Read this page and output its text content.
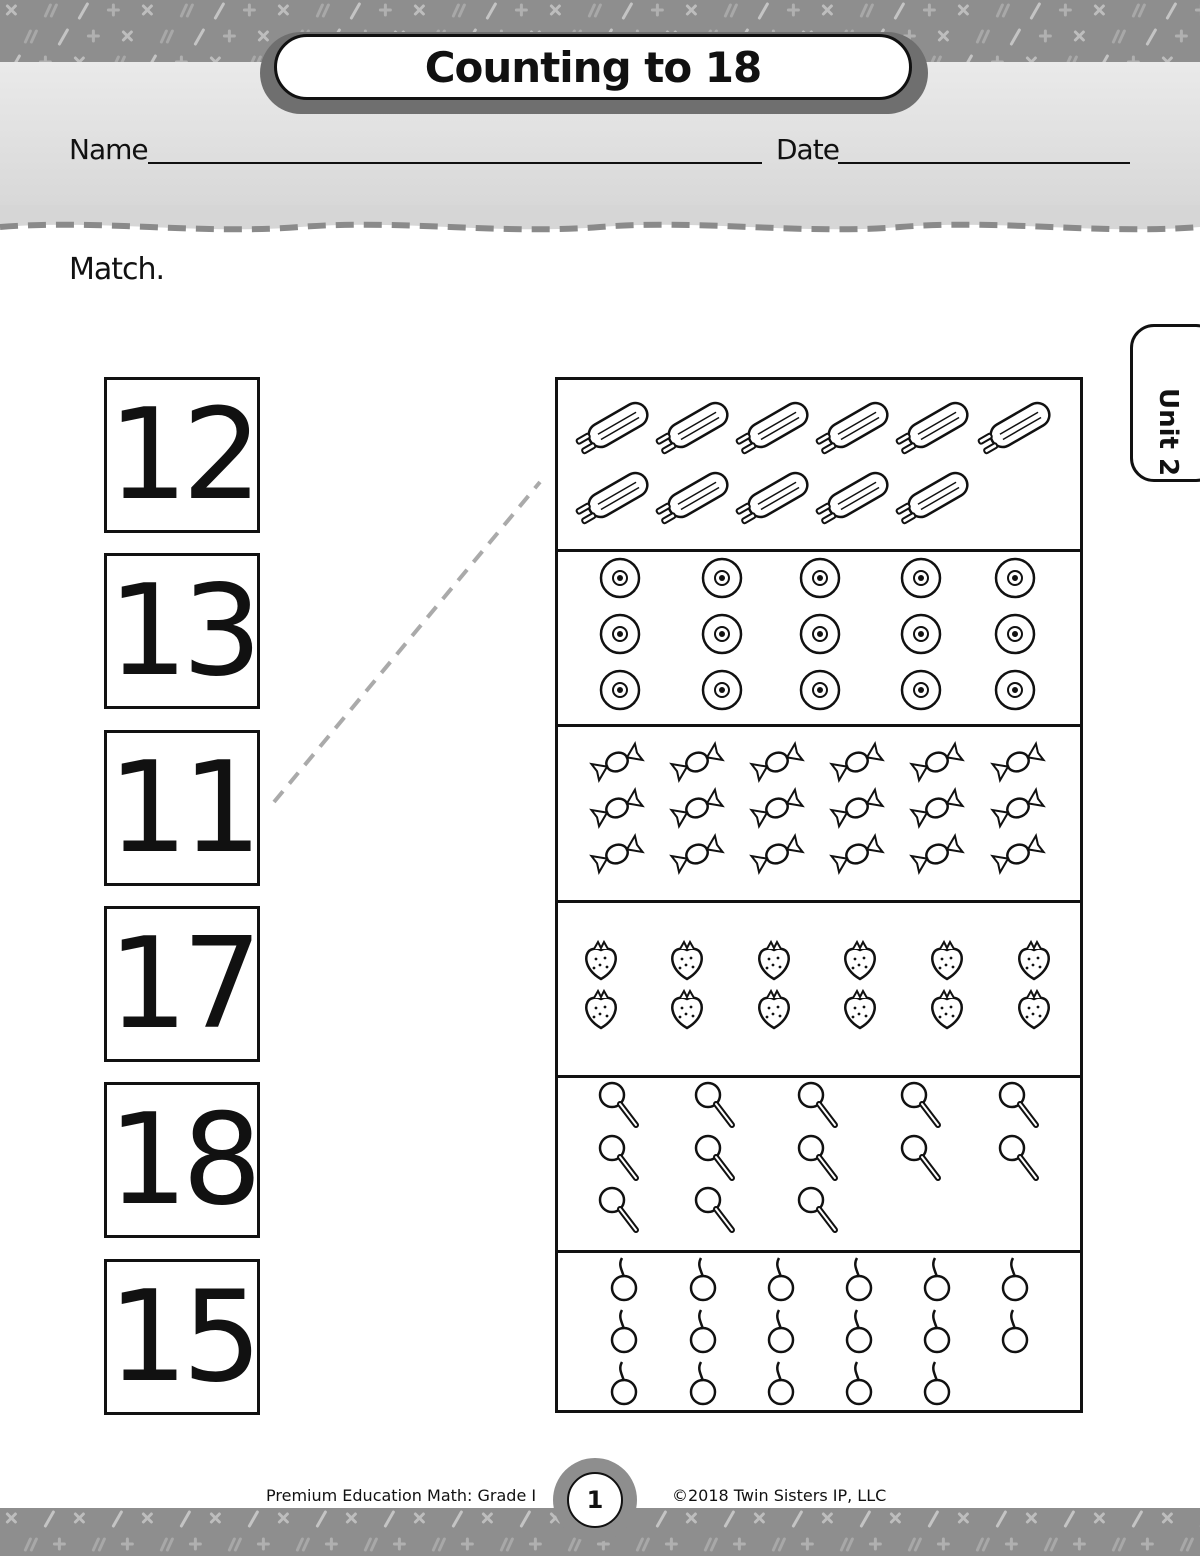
Counting to 18
Name	Date
Match.
Unit 2
12
13
11
17
18
15
Premium Education Math: Grade I 1	©2018 Twin Sisters IP, LLC
